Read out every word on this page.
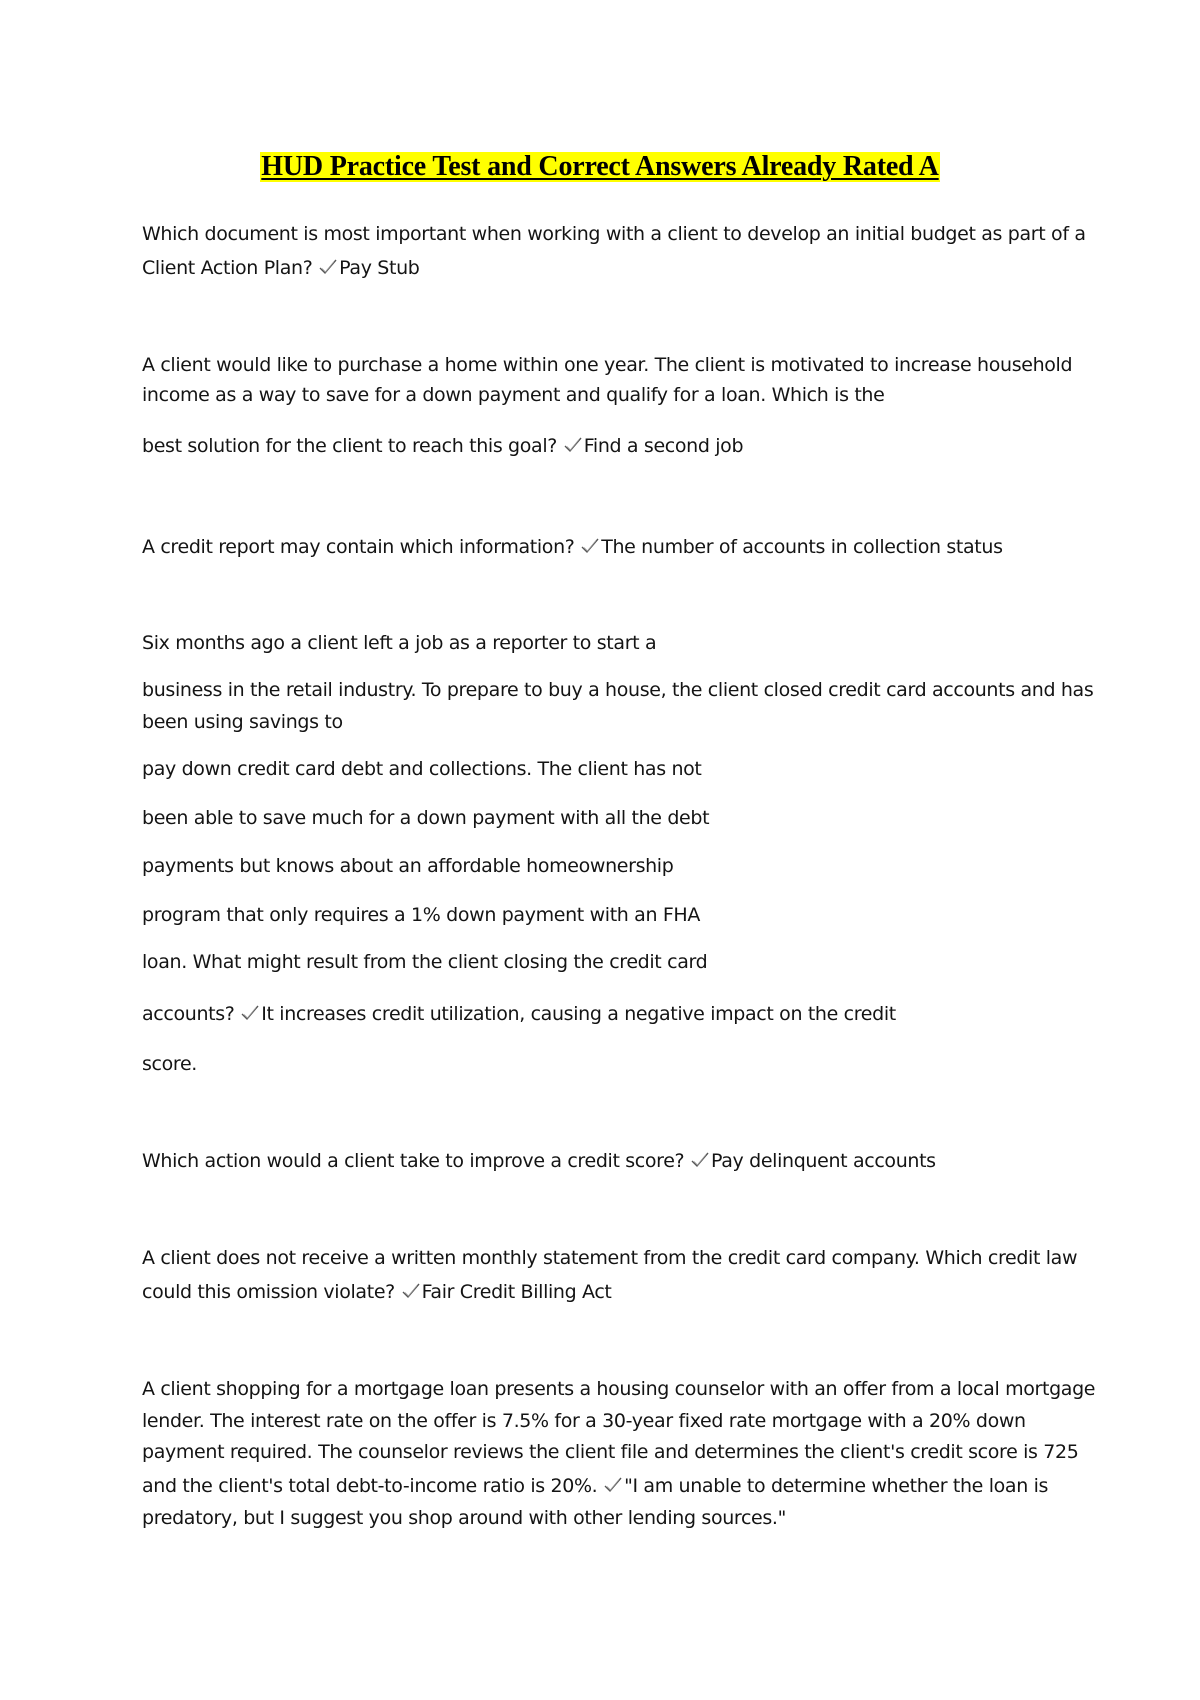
HUD Practice Test and Correct Answers Already Rated A
Which document is most important when working with a client to develop an initial budget as part of a
Client Action Plan? Pay Stub
A client would like to purchase a home within one year. The client is motivated to increase household
income as a way to save for a down payment and qualify for a loan. Which is the
best solution for the client to reach this goal? Find a second job
A credit report may contain which information? The number of accounts in collection status
Six months ago a client left a job as a reporter to start a
business in the retail industry. To prepare to buy a house, the client closed credit card accounts and has
been using savings to
pay down credit card debt and collections. The client has not
been able to save much for a down payment with all the debt
payments but knows about an affordable homeownership
program that only requires a 1% down payment with an FHA
loan. What might result from the client closing the credit card
accounts? It increases credit utilization, causing a negative impact on the credit
score.
Which action would a client take to improve a credit score? Pay delinquent accounts
A client does not receive a written monthly statement from the credit card company. Which credit law
could this omission violate? Fair Credit Billing Act
A client shopping for a mortgage loan presents a housing counselor with an offer from a local mortgage
lender. The interest rate on the offer is 7.5% for a 30-year fixed rate mortgage with a 20% down
payment required. The counselor reviews the client file and determines the client's credit score is 725
and the client's total debt-to-income ratio is 20%. "I am unable to determine whether the loan is
predatory, but I suggest you shop around with other lending sources."
